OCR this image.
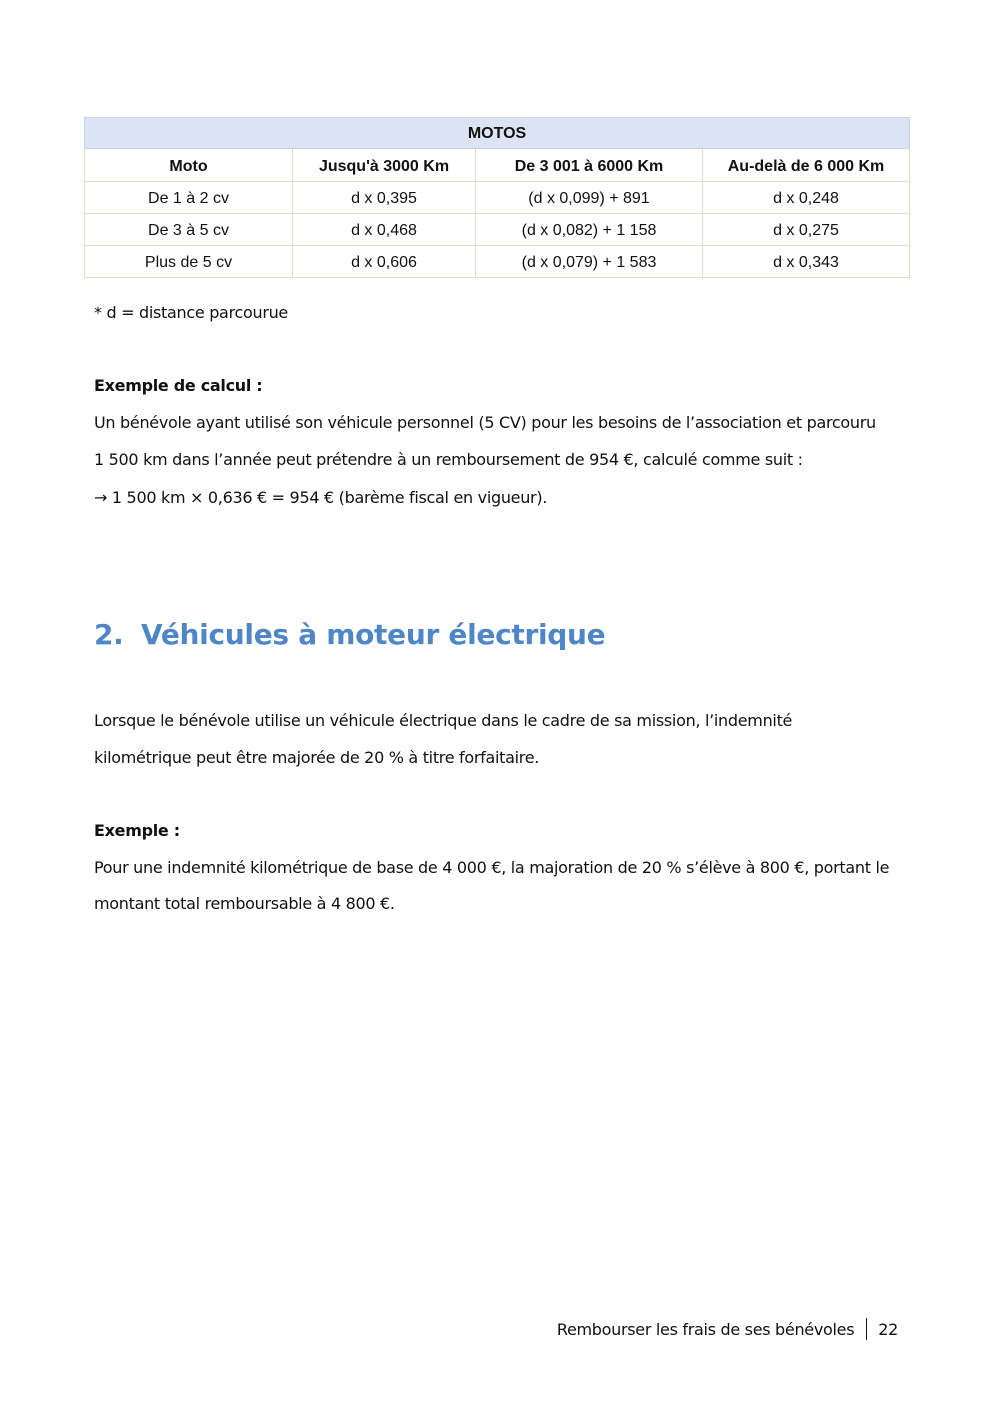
MOTOS			
Moto	Jusqu'à 3000 Km	De 3 001 à 6000 Km	Au-delà de 6 000 Km
De 1 à 2 cv	d x 0,395	(d x 0,099) + 891	d x 0,248
De 3 à 5 cv	d x 0,468	(d x 0,082) + 1 158	d x 0,275
Plus de 5 cv	d x 0,606	(d x 0,079) + 1 583	d x 0,343

* d = distance parcourue

Exemple de calcul :

Un bénévole ayant utilisé son véhicule personnel (5 CV) pour les besoins de l’association et parcouru

1 500 km dans l’année peut prétendre à un remboursement de 954 €, calculé comme suit :

→ 1 500 km × 0,636 € = 954 € (barème fiscal en vigueur).

2. Véhicules à moteur électrique

Lorsque le bénévole utilise un véhicule électrique dans le cadre de sa mission, l’indemnité

kilométrique peut être majorée de 20 % à titre forfaitaire.

Exemple :

Pour une indemnité kilométrique de base de 4 000 €, la majoration de 20 % s’élève à 800 €, portant le

montant total remboursable à 4 800 €.

Rembourser les frais de ses bénévoles 22
